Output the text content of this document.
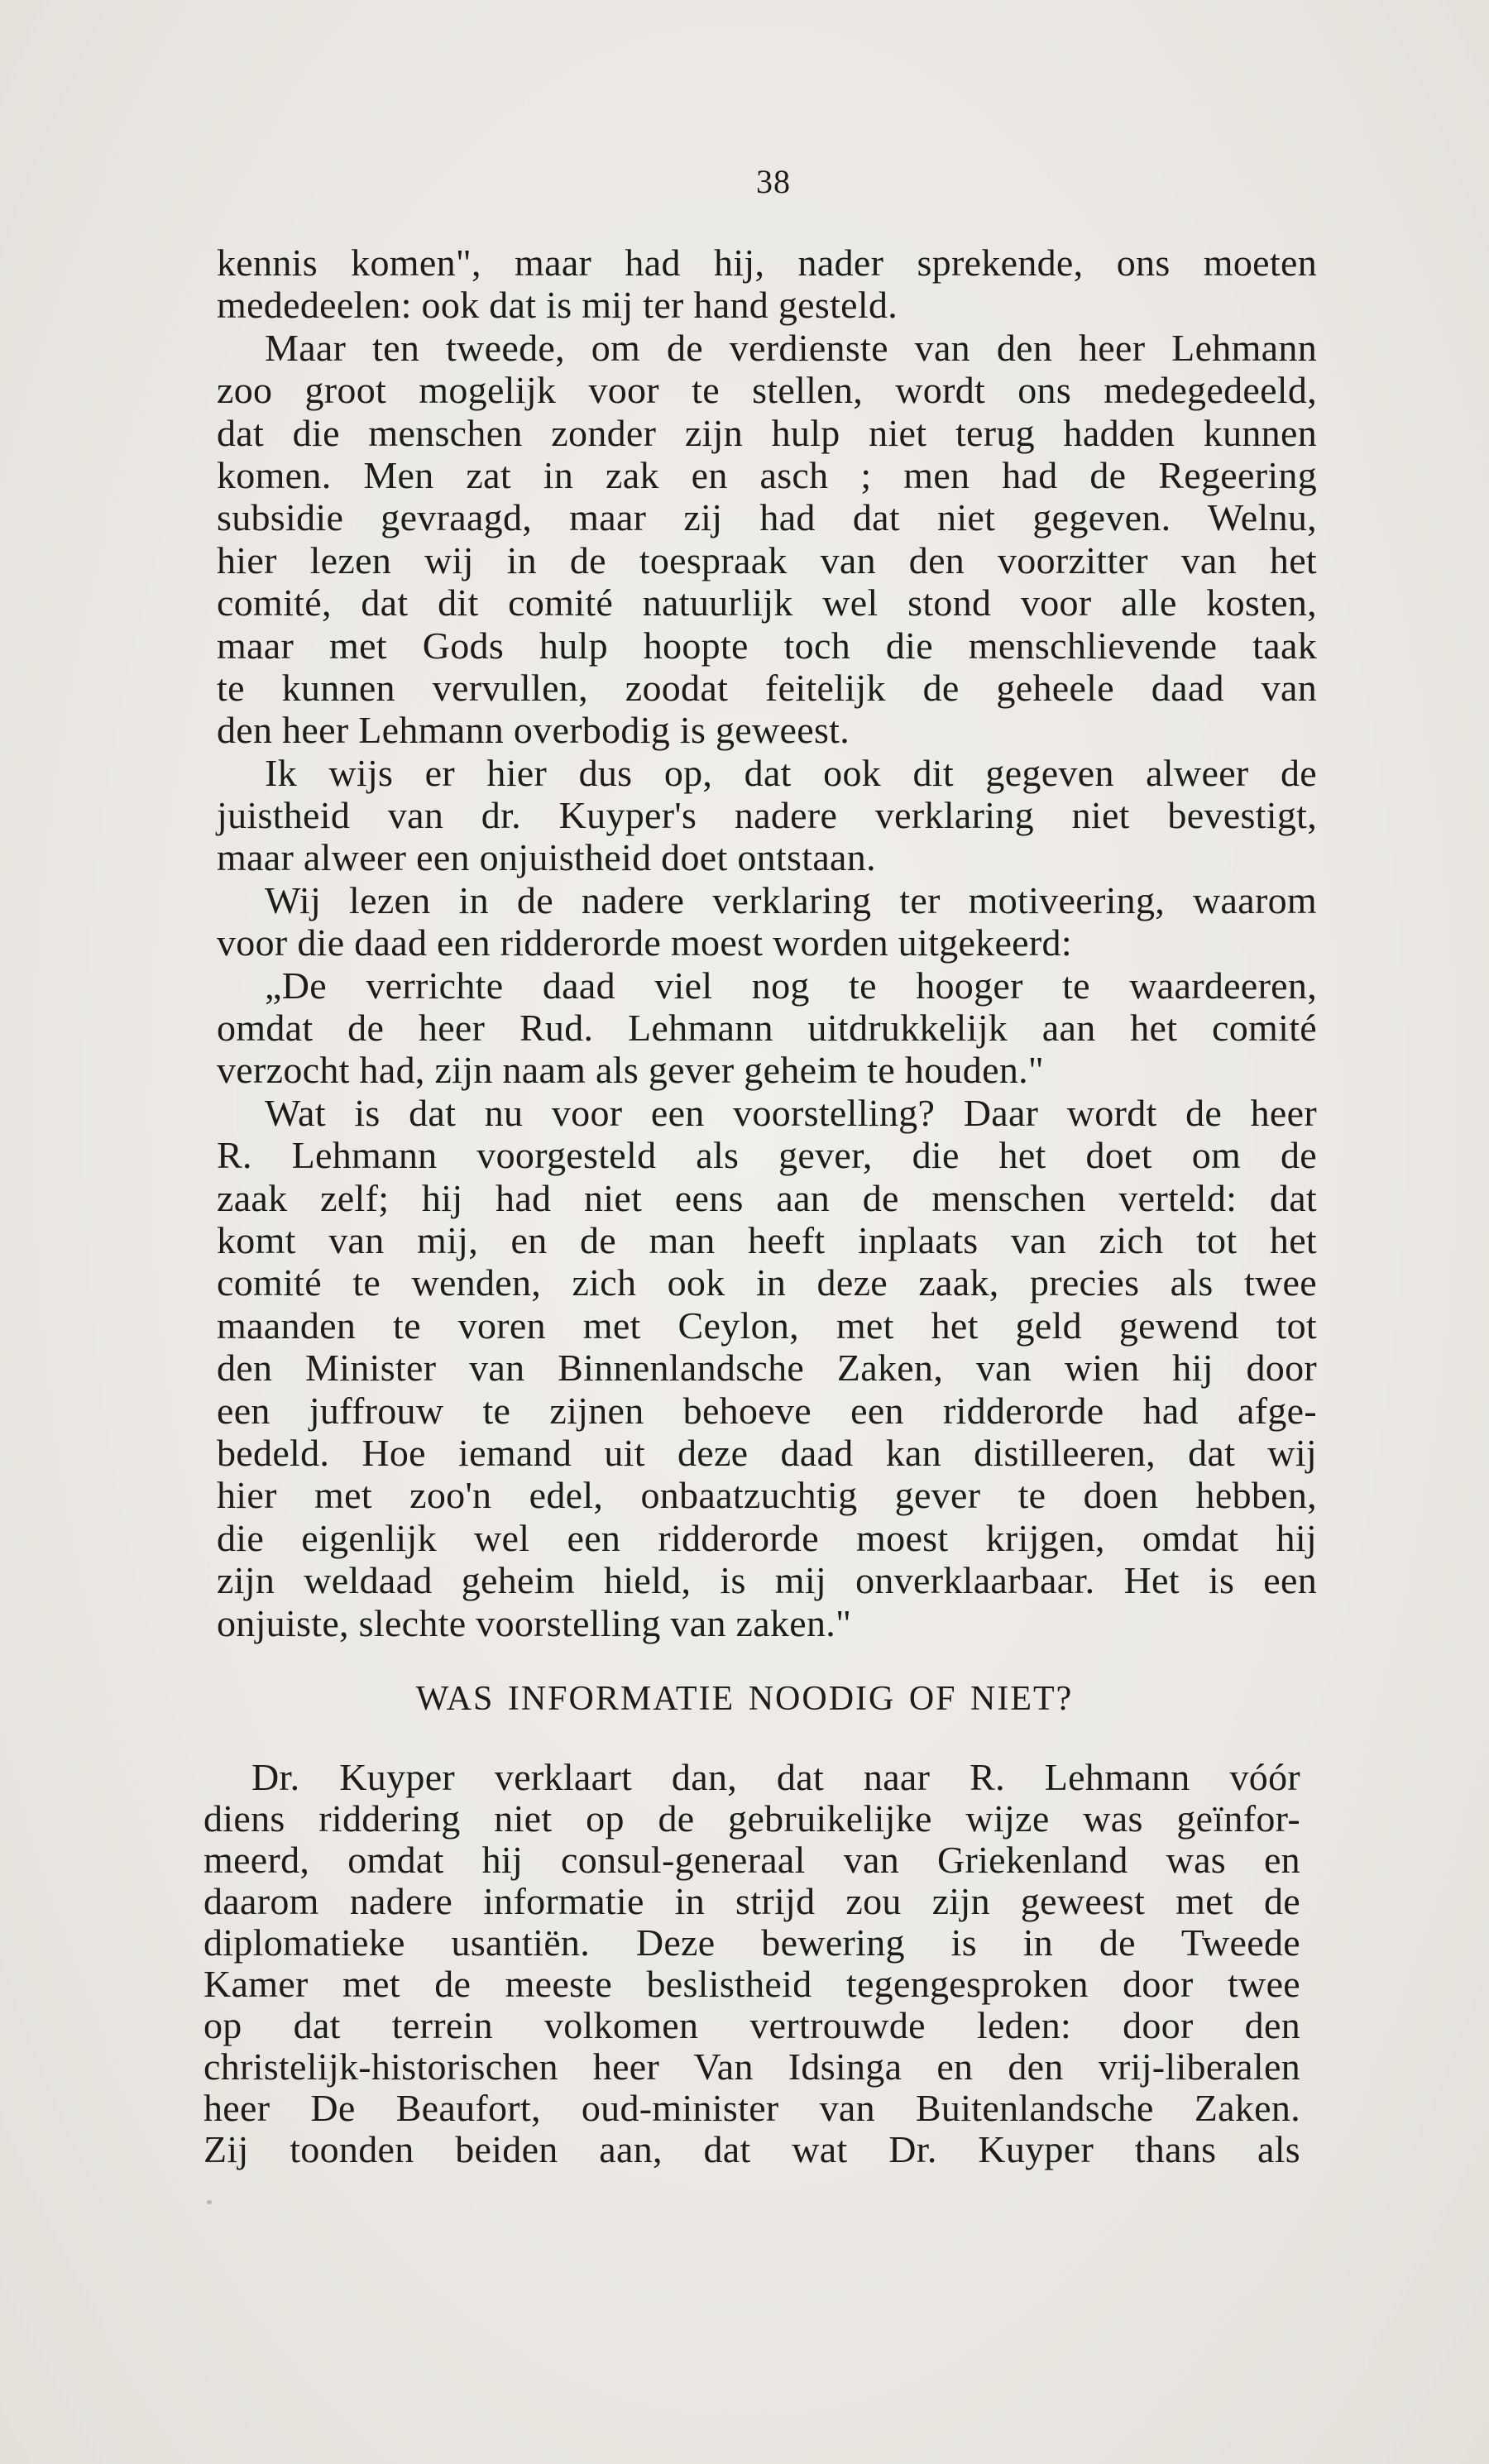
38
kennis komen", maar had hij, nader sprekende, ons moeten
mededeelen: ook dat is mij ter hand gesteld.
Maar ten tweede, om de verdienste van den heer Lehmann
zoo groot mogelijk voor te stellen, wordt ons medegedeeld,
dat die menschen zonder zijn hulp niet terug hadden kunnen
komen. Men zat in zak en asch ; men had de Regeering
subsidie gevraagd, maar zij had dat niet gegeven. Welnu,
hier lezen wij in de toespraak van den voorzitter van het
comité, dat dit comité natuurlijk wel stond voor alle kosten,
maar met Gods hulp hoopte toch die menschlievende taak
te kunnen vervullen, zoodat feitelijk de geheele daad van
den heer Lehmann overbodig is geweest.
Ik wijs er hier dus op, dat ook dit gegeven alweer de
juistheid van dr. Kuyper's nadere verklaring niet bevestigt,
maar alweer een onjuistheid doet ontstaan.
Wij lezen in de nadere verklaring ter motiveering, waarom
voor die daad een ridderorde moest worden uitgekeerd:
„De verrichte daad viel nog te hooger te waardeeren,
omdat de heer Rud. Lehmann uitdrukkelijk aan het comité
verzocht had, zijn naam als gever geheim te houden."
Wat is dat nu voor een voorstelling? Daar wordt de heer
R. Lehmann voorgesteld als gever, die het doet om de
zaak zelf; hij had niet eens aan de menschen verteld: dat
komt van mij, en de man heeft inplaats van zich tot het
comité te wenden, zich ook in deze zaak, precies als twee
maanden te voren met Ceylon, met het geld gewend tot
den Minister van Binnenlandsche Zaken, van wien hij door
een juffrouw te zijnen behoeve een ridderorde had afge-
bedeld. Hoe iemand uit deze daad kan distilleeren, dat wij
hier met zoo'n edel, onbaatzuchtig gever te doen hebben,
die eigenlijk wel een ridderorde moest krijgen, omdat hij
zijn weldaad geheim hield, is mij onverklaarbaar. Het is een
onjuiste, slechte voorstelling van zaken."
WAS INFORMATIE NOODIG OF NIET?
Dr. Kuyper verklaart dan, dat naar R. Lehmann vóór
diens riddering niet op de gebruikelijke wijze was geïnfor-
meerd, omdat hij consul-generaal van Griekenland was en
daarom nadere informatie in strijd zou zijn geweest met de
diplomatieke usantiën. Deze bewering is in de Tweede
Kamer met de meeste beslistheid tegengesproken door twee
op dat terrein volkomen vertrouwde leden: door den
christelijk-historischen heer Van Idsinga en den vrij-liberalen
heer De Beaufort, oud-minister van Buitenlandsche Zaken.
Zij toonden beiden aan, dat wat Dr. Kuyper thans als
